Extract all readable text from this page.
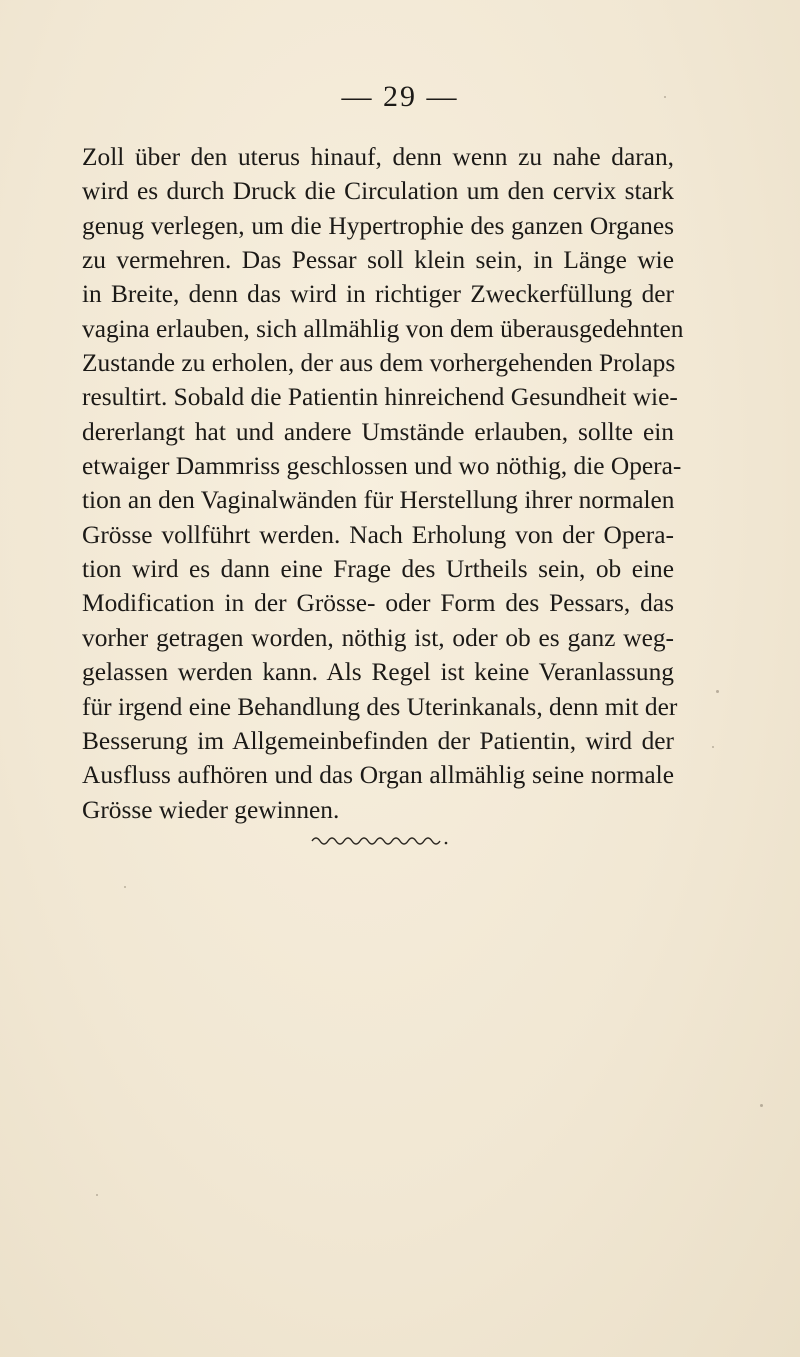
— 29 —
Zoll über den uterus hinauf, denn wenn zu nahe daran,
wird es durch Druck die Circulation um den cervix stark
genug verlegen, um die Hypertrophie des ganzen Organes
zu vermehren. Das Pessar soll klein sein, in Länge wie
in Breite, denn das wird in richtiger Zweckerfüllung der
vagina erlauben, sich allmählig von dem überausgedehnten
Zustande zu erholen, der aus dem vorhergehenden Prolaps
resultirt. Sobald die Patientin hinreichend Gesundheit wie-
dererlangt hat und andere Umstände erlauben, sollte ein
etwaiger Dammriss geschlossen und wo nöthig, die Opera-
tion an den Vaginalwänden für Herstellung ihrer normalen
Grösse vollführt werden. Nach Erholung von der Opera-
tion wird es dann eine Frage des Urtheils sein, ob eine
Modification in der Grösse- oder Form des Pessars, das
vorher getragen worden, nöthig ist, oder ob es ganz weg-
gelassen werden kann. Als Regel ist keine Veranlassung
für irgend eine Behandlung des Uterinkanals, denn mit der
Besserung im Allgemeinbefinden der Patientin, wird der
Ausfluss aufhören und das Organ allmählig seine normale
Grösse wieder gewinnen.
